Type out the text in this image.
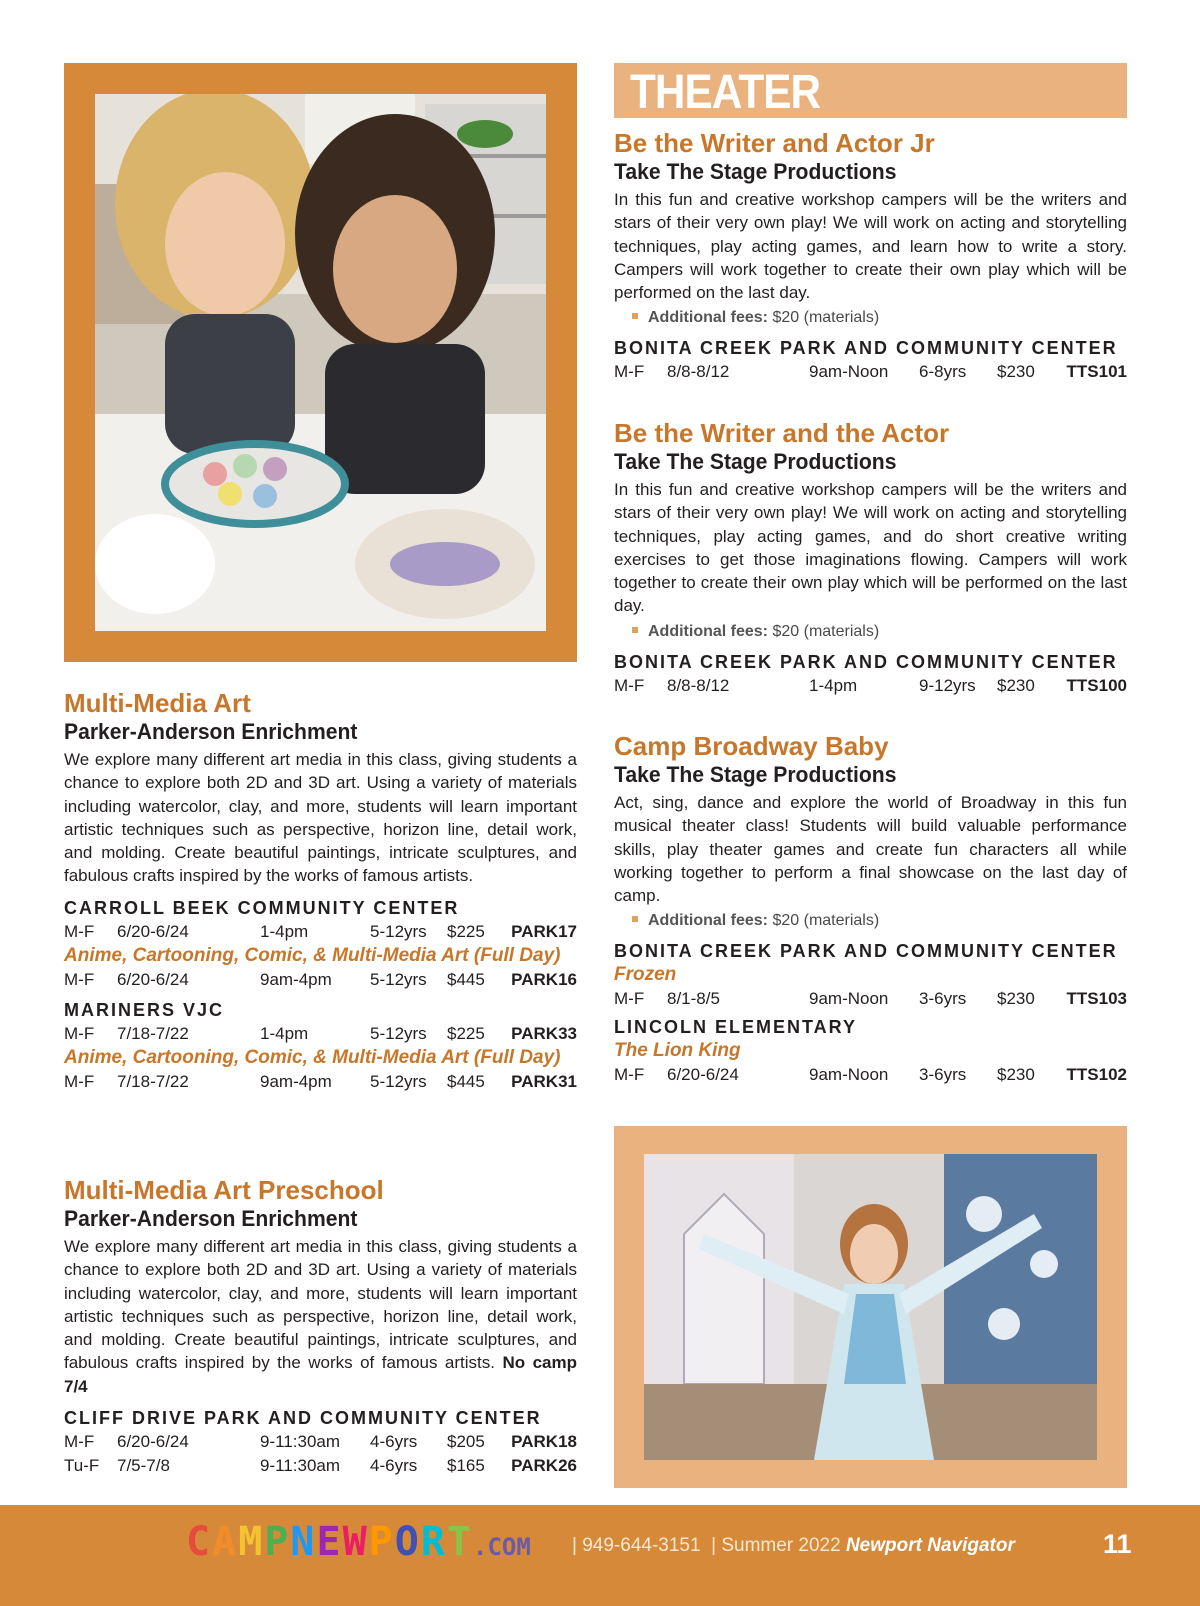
THEATER

Multi-Media Art

Parker-Anderson Enrichment

We explore many different art media in this class, giving students a chance to explore both 2D and 3D art. Using a variety of materials including watercolor, clay, and more, students will learn important artistic techniques such as perspective, horizon line, detail work, and molding. Create beautiful paintings, intricate sculptures, and fabulous crafts inspired by the works of famous artists.

CARROLL BEEK COMMUNITY CENTER

M-F 6/20-6/24	1-4pm	5-12yrs $225 PARK17

Anime, Cartooning, Comic, & Multi-Media Art (Full Day)

M-F 6/20-6/24	9am-4pm 5-12yrs $445 PARK16

MARINERS VJC

M-F 7/18-7/22	1-4pm	5-12yrs $225 PARK33

Anime, Cartooning, Comic, & Multi-Media Art (Full Day)

M-F 7/18-7/22	9am-4pm 5-12yrs $445 PARK31

Multi-Media Art Preschool

Parker-Anderson Enrichment

We explore many different art media in this class, giving students a chance to explore both 2D and 3D art. Using a variety of materials including watercolor, clay, and more, students will learn important artistic techniques such as perspective, horizon line, detail work, and molding. Create beautiful paintings, intricate sculptures, and fabulous crafts inspired by the works of famous artists. No camp 7/4

CLIFF DRIVE PARK AND COMMUNITY CENTER

M-F 6/20-6/24	9-11:30am 4-6yrs $205 PARK18
Tu-F 7/5-7/8	9-11:30am 4-6yrs $165 PARK26

Be the Writer and Actor Jr

Take The Stage Productions

In this fun and creative workshop campers will be the writers and stars of their very own play! We will work on acting and storytelling techniques, play acting games, and learn how to write a story. Campers will work together to create their own play which will be performed on the last day.

Additional fees: $20 (materials)

BONITA CREEK PARK AND COMMUNITY CENTER

M-F 8/8-8/12	9am-Noon 6-8yrs $230 TTS101

Be the Writer and the Actor

Take The Stage Productions

In this fun and creative workshop campers will be the writers and stars of their very own play! We will work on acting and storytelling techniques, play acting games, and do short creative writing exercises to get those imaginations flowing. Campers will work together to create their own play which will be performed on the last day.

Additional fees: $20 (materials)

BONITA CREEK PARK AND COMMUNITY CENTER

M-F 8/8-8/12	1-4pm	9-12yrs $230 TTS100

Camp Broadway Baby

Take The Stage Productions

Act, sing, dance and explore the world of Broadway in this fun musical theater class! Students will build valuable performance skills, play theater games and create fun characters all while working together to perform a final showcase on the last day of camp.

Additional fees: $20 (materials)

BONITA CREEK PARK AND COMMUNITY CENTER

Frozen

M-F 8/1-8/5	9am-Noon 3-6yrs $230 TTS103

LINCOLN ELEMENTARY

The Lion King

M-F 6/20-6/24	9am-Noon 3-6yrs $230 TTS102
CAMPNEWPORT.COM | 949-644-3151  | Summer 2022 Newport Navigator	11
